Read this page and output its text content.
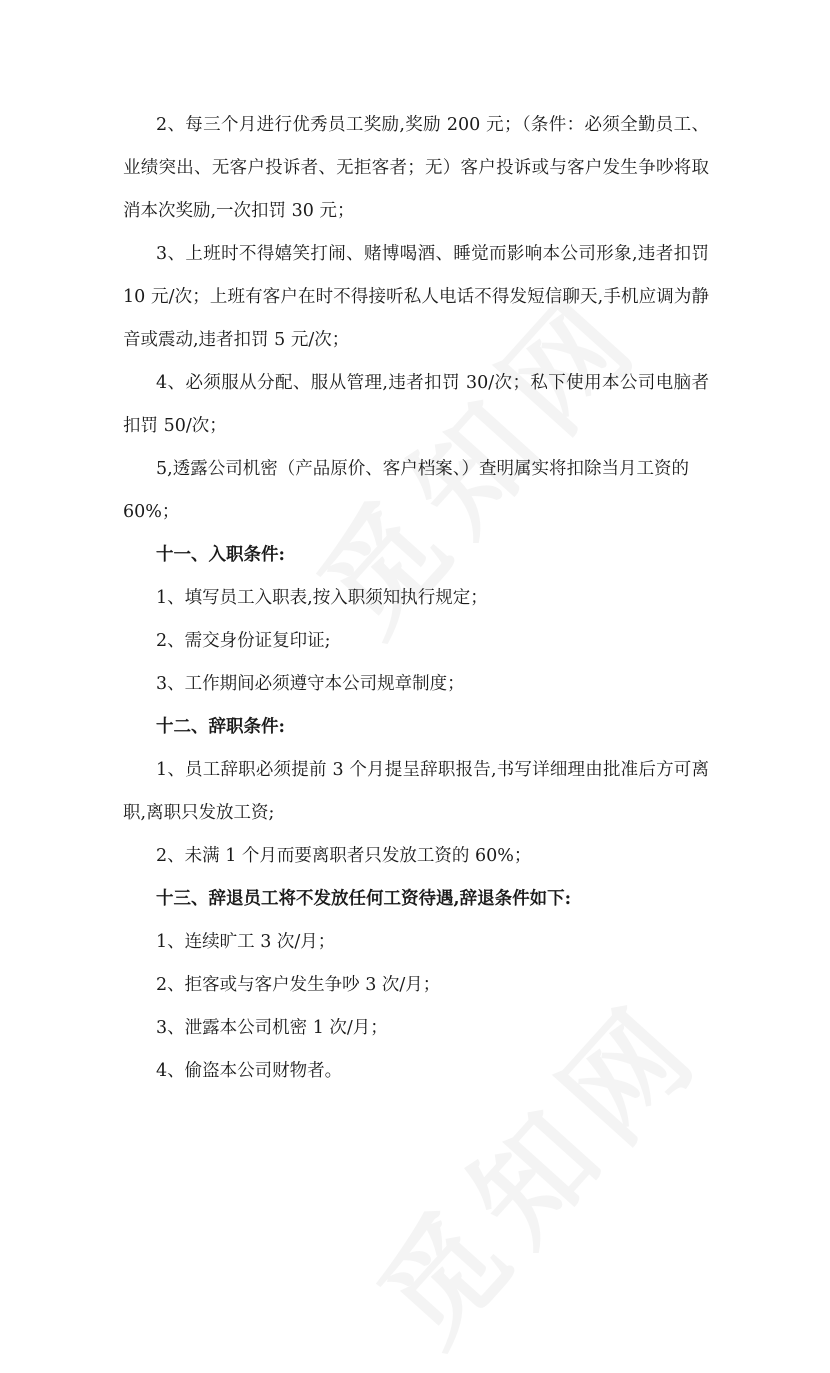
2、每三个月进行优秀员工奖励,奖励 200 元；（条件：必须全勤员工、业绩突出、无客户投诉者、无拒客者；无）客户投诉或与客户发生争吵将取消本次奖励,一次扣罚 30 元；

3、上班时不得嬉笑打闹、赌博喝酒、睡觉而影响本公司形象,违者扣罚 10 元/次；上班有客户在时不得接听私人电话不得发短信聊天,手机应调为静音或震动,违者扣罚 5 元/次；

4、必须服从分配、服从管理,违者扣罚 30/次；私下使用本公司电脑者扣罚 50/次；

5,透露公司机密（产品原价、客户档案、）查明属实将扣除当月工资的 60%；

十一、入职条件:

1、填写员工入职表,按入职须知执行规定；

2、需交身份证复印证;

3、工作期间必须遵守本公司规章制度；

十二、辞职条件:

1、员工辞职必须提前 3 个月提呈辞职报告,书写详细理由批准后方可离职,离职只发放工资;

2、未满 1 个月而要离职者只发放工资的 60%；

十三、辞退员工将不发放任何工资待遇,辞退条件如下:

1、连续旷工 3 次/月；

2、拒客或与客户发生争吵 3 次/月；

3、泄露本公司机密 1 次/月；

4、偷盗本公司财物者。
